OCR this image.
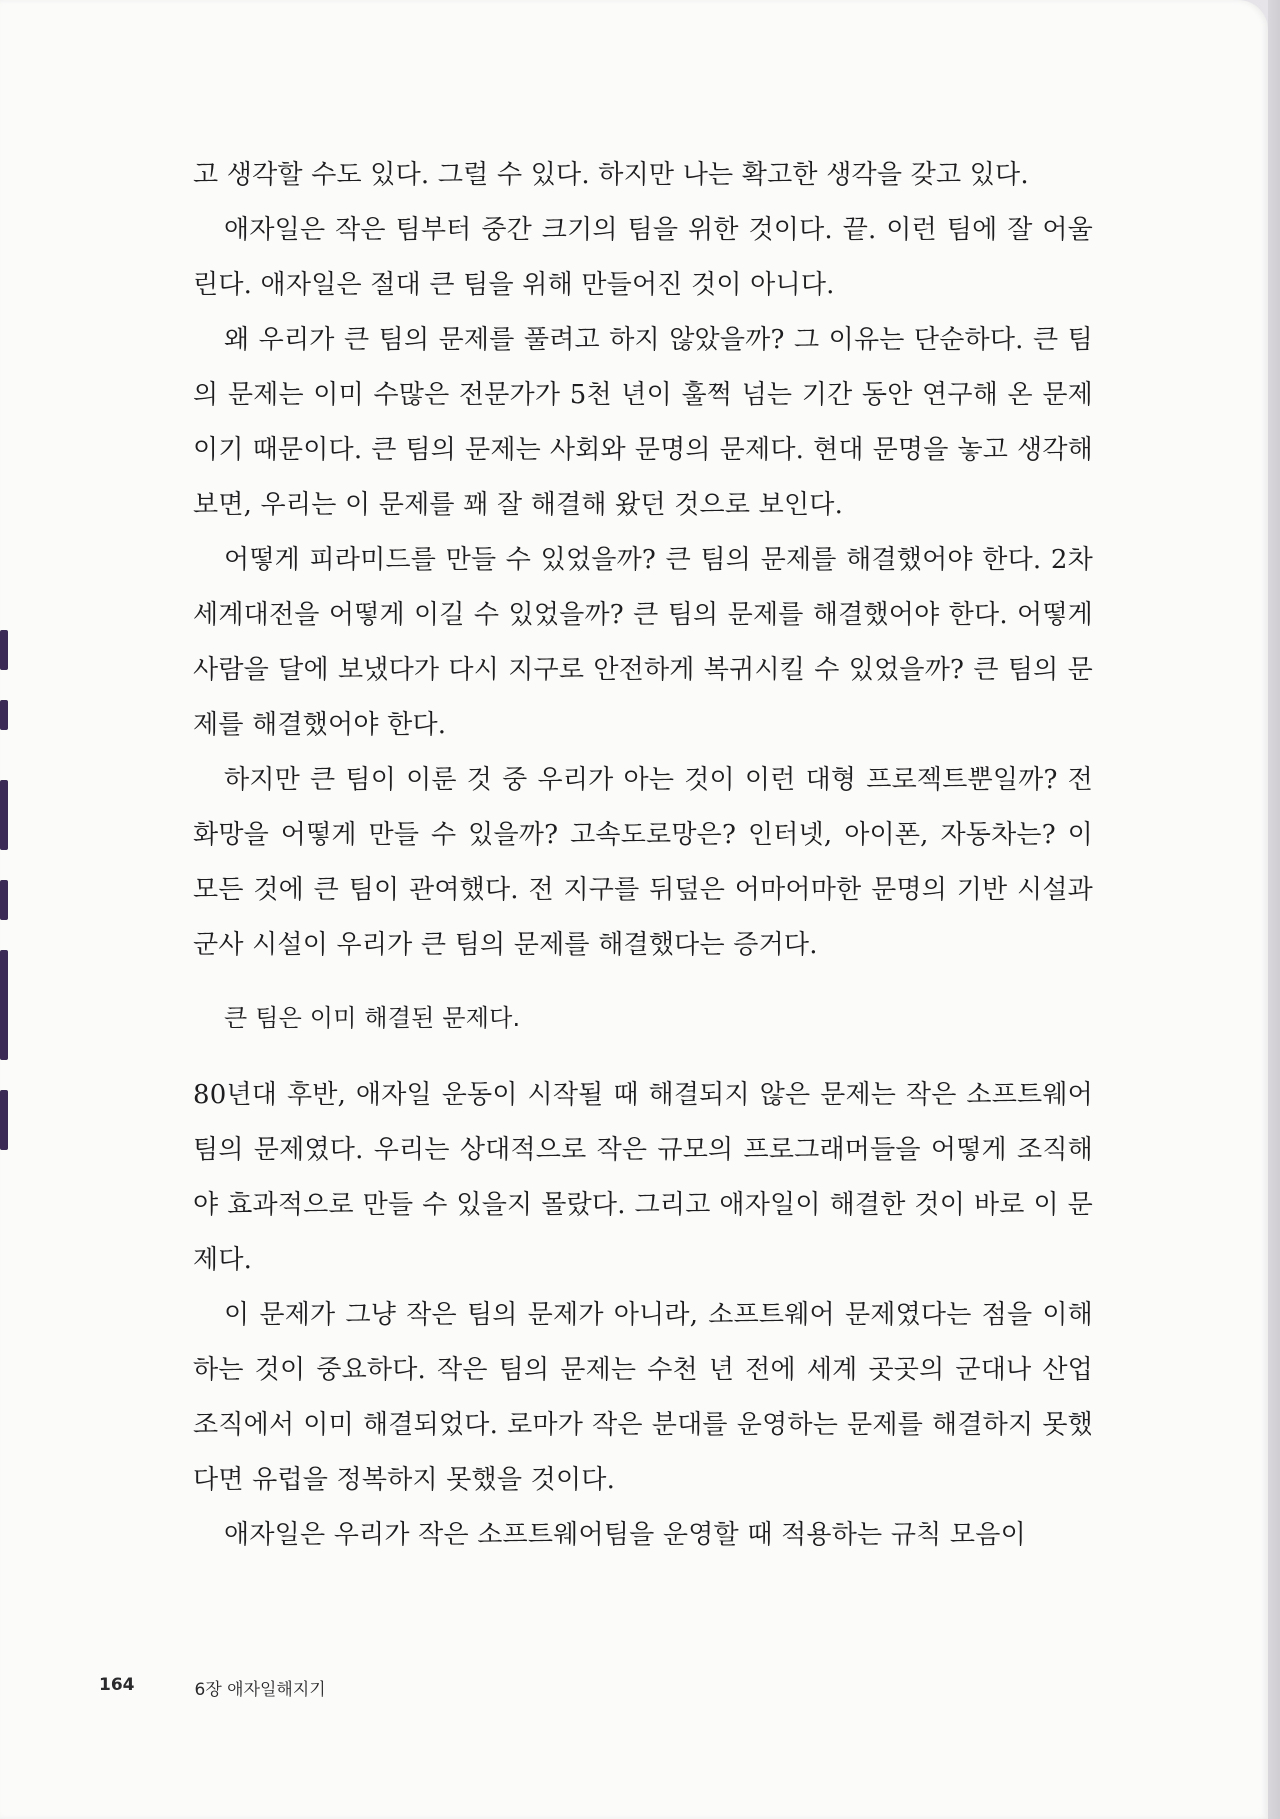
고 생각할 수도 있다. 그럴 수 있다. 하지만 나는 확고한 생각을 갖고 있다.

애자일은 작은 팀부터 중간 크기의 팀을 위한 것이다. 끝. 이런 팀에 잘 어울린다. 애자일은 절대 큰 팀을 위해 만들어진 것이 아니다.

왜 우리가 큰 팀의 문제를 풀려고 하지 않았을까? 그 이유는 단순하다. 큰 팀의 문제는 이미 수많은 전문가가 5천 년이 훌쩍 넘는 기간 동안 연구해 온 문제이기 때문이다. 큰 팀의 문제는 사회와 문명의 문제다. 현대 문명을 놓고 생각해 보면, 우리는 이 문제를 꽤 잘 해결해 왔던 것으로 보인다.

어떻게 피라미드를 만들 수 있었을까? 큰 팀의 문제를 해결했어야 한다. 2차 세계대전을 어떻게 이길 수 있었을까? 큰 팀의 문제를 해결했어야 한다. 어떻게 사람을 달에 보냈다가 다시 지구로 안전하게 복귀시킬 수 있었을까? 큰 팀의 문제를 해결했어야 한다.

하지만 큰 팀이 이룬 것 중 우리가 아는 것이 이런 대형 프로젝트뿐일까? 전화망을 어떻게 만들 수 있을까? 고속도로망은? 인터넷, 아이폰, 자동차는? 이 모든 것에 큰 팀이 관여했다. 전 지구를 뒤덮은 어마어마한 문명의 기반 시설과 군사 시설이 우리가 큰 팀의 문제를 해결했다는 증거다.

큰 팀은 이미 해결된 문제다.

80년대 후반, 애자일 운동이 시작될 때 해결되지 않은 문제는 작은 소프트웨어팀의 문제였다. 우리는 상대적으로 작은 규모의 프로그래머들을 어떻게 조직해야 효과적으로 만들 수 있을지 몰랐다. 그리고 애자일이 해결한 것이 바로 이 문제다.

이 문제가 그냥 작은 팀의 문제가 아니라, 소프트웨어 문제였다는 점을 이해하는 것이 중요하다. 작은 팀의 문제는 수천 년 전에 세계 곳곳의 군대나 산업 조직에서 이미 해결되었다. 로마가 작은 분대를 운영하는 문제를 해결하지 못했다면 유럽을 정복하지 못했을 것이다.

애자일은 우리가 작은 소프트웨어팀을 운영할 때 적용하는 규칙 모음이

164	6장 애자일해지기
